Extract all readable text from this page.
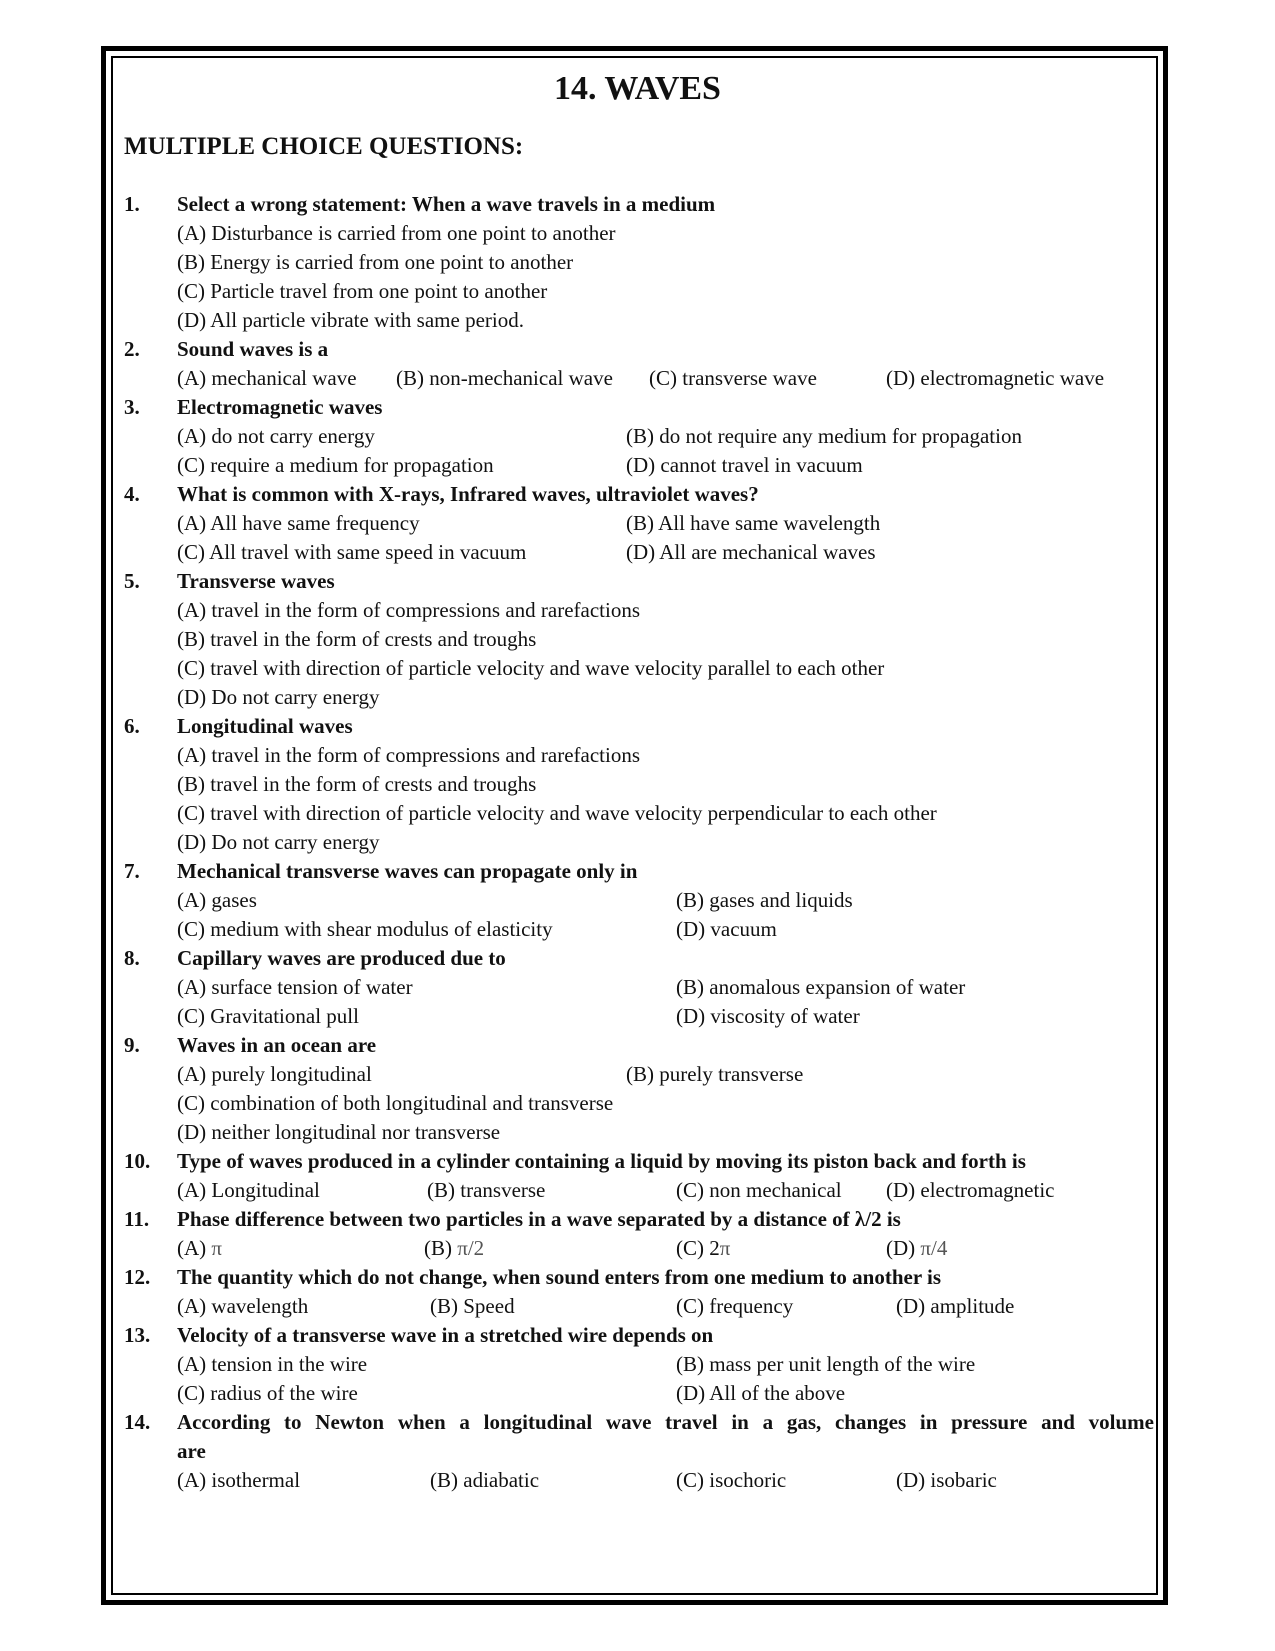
14. WAVES
MULTIPLE CHOICE QUESTIONS:
1. Select a wrong statement: When a wave travels in a medium
(A) Disturbance is carried from one point to another
(B) Energy is carried from one point to another
(C) Particle travel from one point to another
(D) All particle vibrate with same period.
2. Sound waves is a
(A) mechanical wave (B) non-mechanical wave (C) transverse wave	(D) electromagnetic wave
3. Electromagnetic waves
(A) do not carry energy	(B) do not require any medium for propagation
(C) require a medium for propagation	(D) cannot travel in vacuum
4. What is common with X-rays, Infrared waves, ultraviolet waves?
(A) All have same frequency	(B) All have same wavelength
(C) All travel with same speed in vacuum	(D) All are mechanical waves
5. Transverse waves
(A) travel in the form of compressions and rarefactions
(B) travel in the form of crests and troughs
(C) travel with direction of particle velocity and wave velocity parallel to each other
(D) Do not carry energy
6. Longitudinal waves
(A) travel in the form of compressions and rarefactions
(B) travel in the form of crests and troughs
(C) travel with direction of particle velocity and wave velocity perpendicular to each other
(D) Do not carry energy
7. Mechanical transverse waves can propagate only in
(A) gases	(B) gases and liquids
(C) medium with shear modulus of elasticity	(D) vacuum
8. Capillary waves are produced due to
(A) surface tension of water	(B) anomalous expansion of water
(C) Gravitational pull	(D) viscosity of water
9. Waves in an ocean are
(A) purely longitudinal	(B) purely transverse
(C) combination of both longitudinal and transverse
(D) neither longitudinal nor transverse
10. Type of waves produced in a cylinder containing a liquid by moving its piston back and forth is
(A) Longitudinal	(B) transverse	(C) non mechanical (D) electromagnetic
11. Phase difference between two particles in a wave separated by a distance of λ/2 is
(A) π	(B) π/2	(C) 2π	(D) π/4
12. The quantity which do not change, when sound enters from one medium to another is
(A) wavelength	(B) Speed	(C) frequency	(D) amplitude
13. Velocity of a transverse wave in a stretched wire depends on
(A) tension in the wire	(B) mass per unit length of the wire
(C) radius of the wire	(D) All of the above
14. According to Newton when a longitudinal wave travel in a gas, changes in pressure and volume
are
(A) isothermal	(B) adiabatic	(C) isochoric	(D) isobaric
